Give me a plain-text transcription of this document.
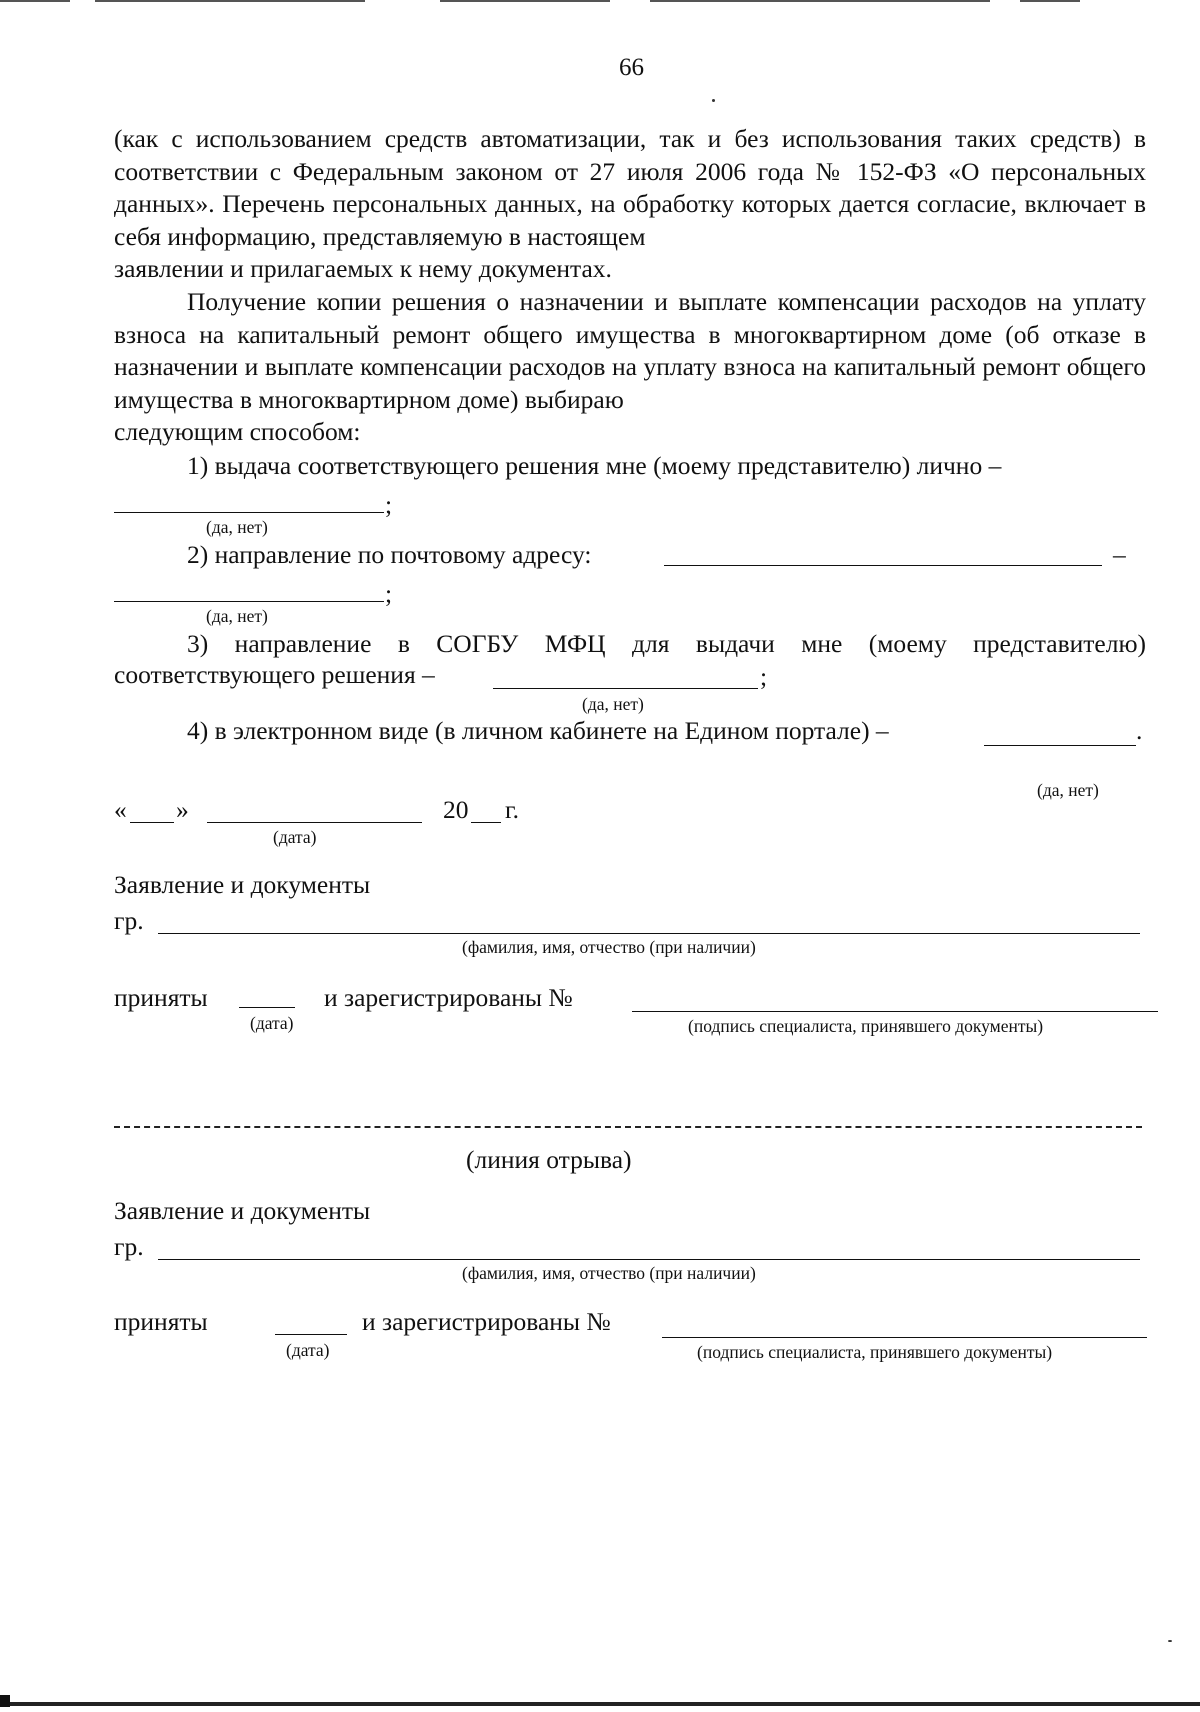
66

(как с использованием средств автоматизации, так и без использования таких средств) в соответствии с Федеральным законом от 27 июля 2006 года № 152-ФЗ «О персональных данных». Перечень персональных данных, на обработку которых дается согласие, включает в себя информацию, представляемую в настоящем
заявлении и прилагаемых к нему документах.

Получение копии решения о назначении и выплате компенсации расходов на уплату взноса на капитальный ремонт общего имущества в многоквартирном доме (об отказе в назначении и выплате компенсации расходов на уплату взноса на капитальный ремонт общего имущества в многоквартирном доме) выбираю
следующим способом:

1) выдача соответствующего решения мне (моему представителю) лично –
;
(да, нет)
2) направление по почтовому адресу:	–
;
(да, нет)
3) направление в СОГБУ МФЦ для выдачи мне (моему представителю)
соответствующего решения –	;
(да, нет)
4) в электронном виде (в личном кабинете на Едином портале) –	.
(да, нет)
« »	20 г.
(дата)
Заявление и документы
гр.
(фамилия, имя, отчество (при наличии)
приняты
(дата)
и зарегистрированы №
(подпись специалиста, принявшего документы)
(линия отрыва)
Заявление и документы
гр.
(фамилия, имя, отчество (при наличии)
приняты
(дата)
и зарегистрированы №
(подпись специалиста, принявшего документы)
